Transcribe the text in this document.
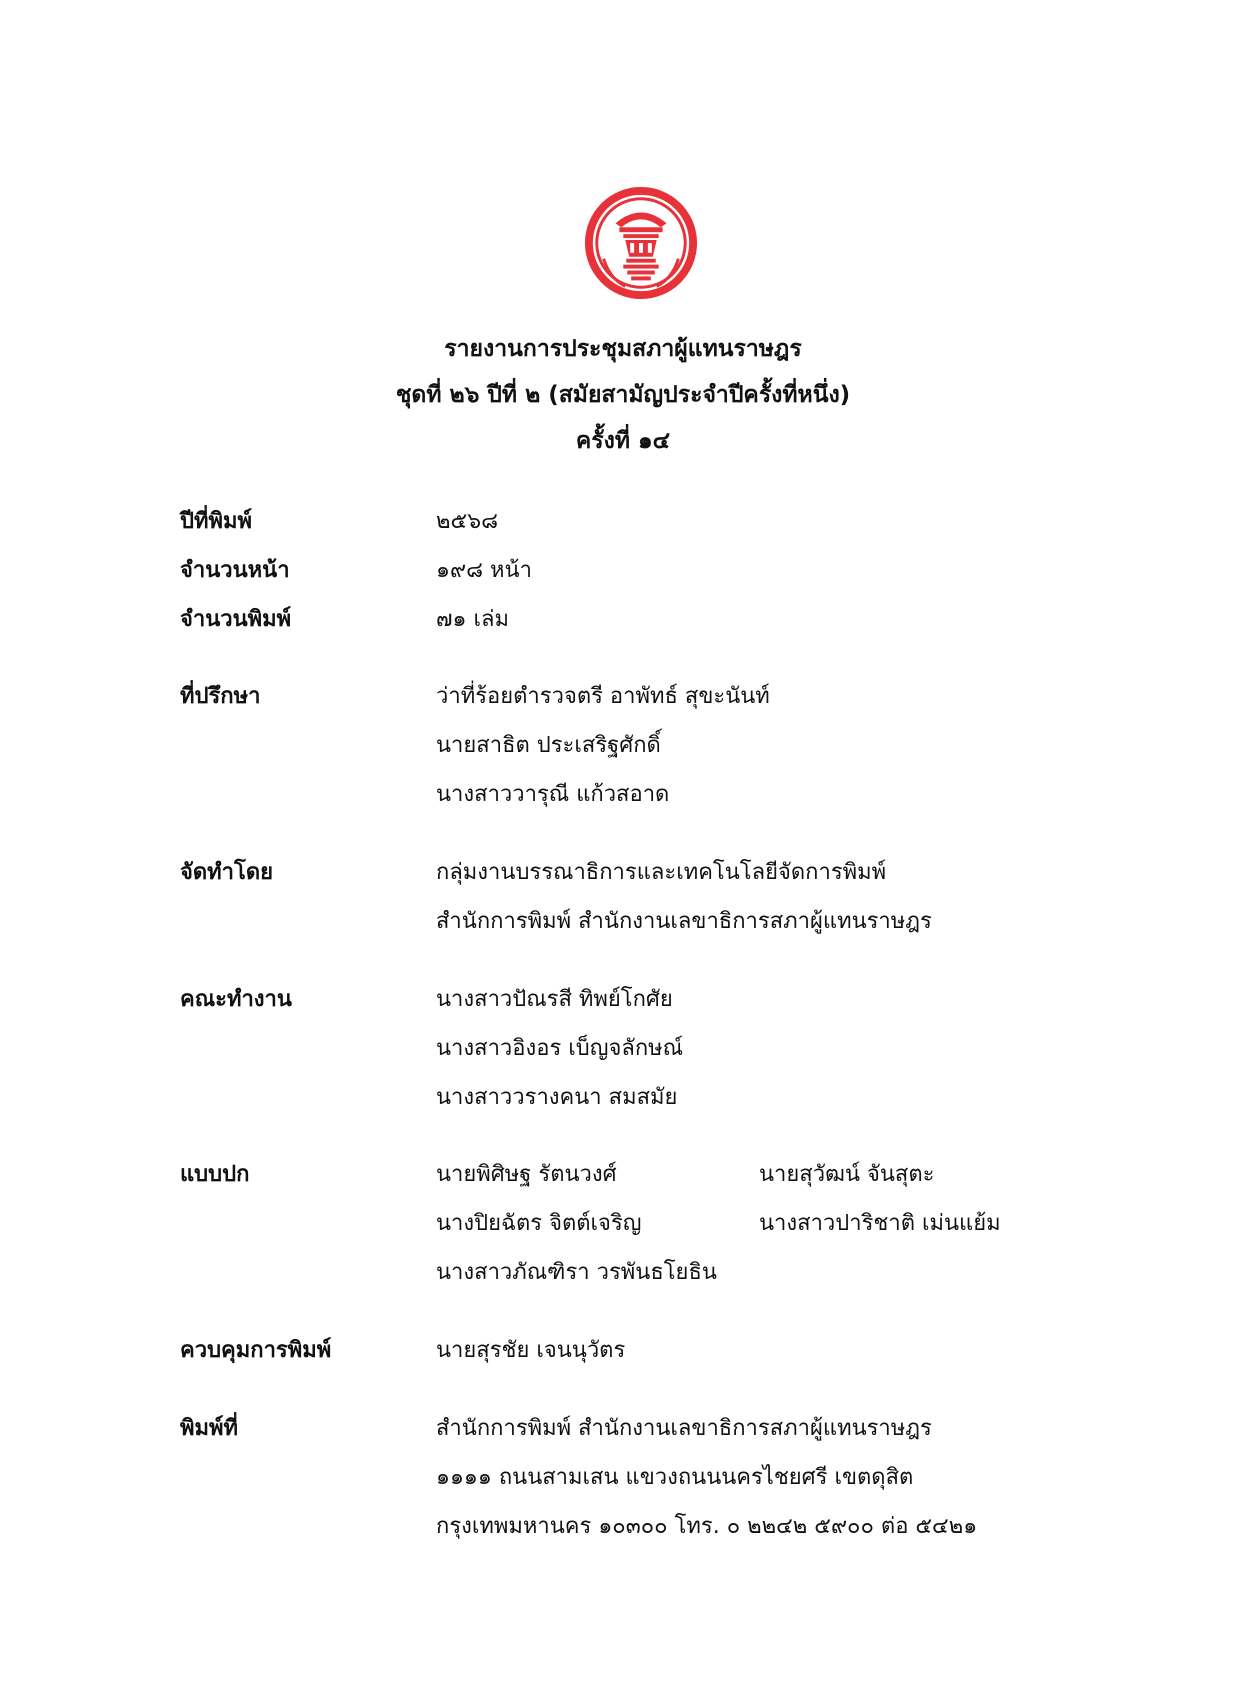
รายงานการประชุมสภาผู้แทนราษฎร
ชุดที่ ๒๖ ปีที่ ๒ (สมัยสามัญประจำปีครั้งที่หนึ่ง)
ครั้งที่ ๑๔
ปีที่พิมพ์	๒๕๖๘
จำนวนหน้า	๑๙๘ หน้า
จำนวนพิมพ์	๗๑ เล่ม
ที่ปรึกษา	ว่าที่ร้อยตำรวจตรี อาพัทธ์ สุขะนันท์
นายสาธิต ประเสริฐศักดิ์
นางสาววารุณี แก้วสอาด
จัดทำโดย	กลุ่มงานบรรณาธิการและเทคโนโลยีจัดการพิมพ์
สำนักการพิมพ์ สำนักงานเลขาธิการสภาผู้แทนราษฎร
คณะทำงาน	นางสาวปัณรสี ทิพย์โกศัย
นางสาวอิงอร เบ็ญจลักษณ์
นางสาววรางคนา สมสมัย
แบบปก	นายพิศิษฐ รัตนวงศ์	นายสุวัฒน์ จันสุตะ
นางปิยฉัตร จิตต์เจริญ	นางสาวปาริชาติ เม่นแย้ม
นางสาวภัณฑิรา วรพันธโยธิน
ควบคุมการพิมพ์	นายสุรชัย เจนนุวัตร
พิมพ์ที่	สำนักการพิมพ์ สำนักงานเลขาธิการสภาผู้แทนราษฎร
๑๑๑๑ ถนนสามเสน แขวงถนนนครไชยศรี เขตดุสิต
กรุงเทพมหานคร ๑๐๓๐๐ โทร. ๐ ๒๒๔๒ ๕๙๐๐ ต่อ ๕๔๒๑
